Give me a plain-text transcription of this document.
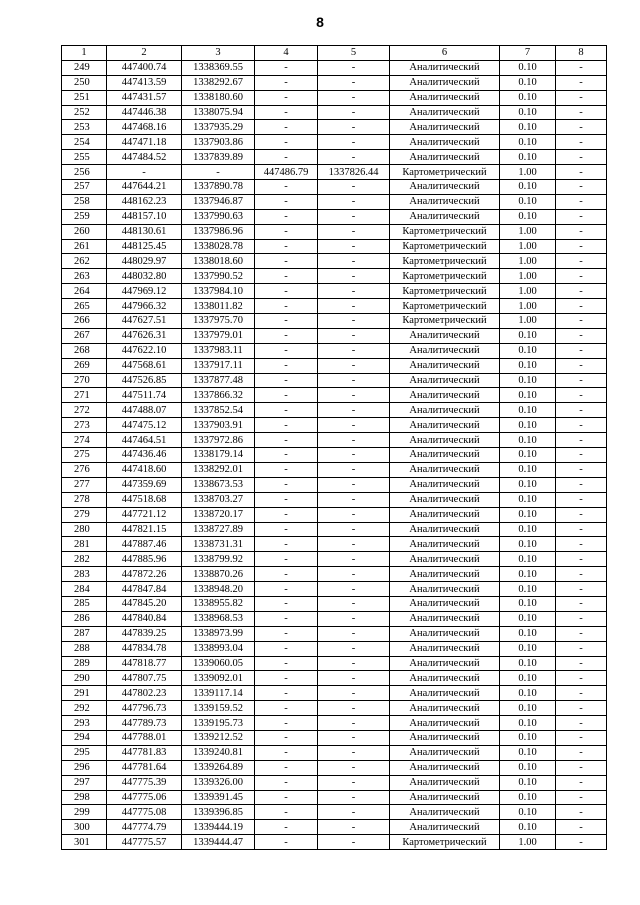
8
1	2	3	4	5	6	7	8
249	447400.74	1338369.55	-	-	Аналитический	0.10	-
250	447413.59	1338292.67	-	-	Аналитический	0.10	-
251	447431.57	1338180.60	-	-	Аналитический	0.10	-
252	447446.38	1338075.94	-	-	Аналитический	0.10	-
253	447468.16	1337935.29	-	-	Аналитический	0.10	-
254	447471.18	1337903.86	-	-	Аналитический	0.10	-
255	447484.52	1337839.89	-	-	Аналитический	0.10	-
256	-	-	447486.79	1337826.44	Картометрический	1.00	-
257	447644.21	1337890.78	-	-	Аналитический	0.10	-
258	448162.23	1337946.87	-	-	Аналитический	0.10	-
259	448157.10	1337990.63	-	-	Аналитический	0.10	-
260	448130.61	1337986.96	-	-	Картометрический	1.00	-
261	448125.45	1338028.78	-	-	Картометрический	1.00	-
262	448029.97	1338018.60	-	-	Картометрический	1.00	-
263	448032.80	1337990.52	-	-	Картометрический	1.00	-
264	447969.12	1337984.10	-	-	Картометрический	1.00	-
265	447966.32	1338011.82	-	-	Картометрический	1.00	-
266	447627.51	1337975.70	-	-	Картометрический	1.00	-
267	447626.31	1337979.01	-	-	Аналитический	0.10	-
268	447622.10	1337983.11	-	-	Аналитический	0.10	-
269	447568.61	1337917.11	-	-	Аналитический	0.10	-
270	447526.85	1337877.48	-	-	Аналитический	0.10	-
271	447511.74	1337866.32	-	-	Аналитический	0.10	-
272	447488.07	1337852.54	-	-	Аналитический	0.10	-
273	447475.12	1337903.91	-	-	Аналитический	0.10	-
274	447464.51	1337972.86	-	-	Аналитический	0.10	-
275	447436.46	1338179.14	-	-	Аналитический	0.10	-
276	447418.60	1338292.01	-	-	Аналитический	0.10	-
277	447359.69	1338673.53	-	-	Аналитический	0.10	-
278	447518.68	1338703.27	-	-	Аналитический	0.10	-
279	447721.12	1338720.17	-	-	Аналитический	0.10	-
280	447821.15	1338727.89	-	-	Аналитический	0.10	-
281	447887.46	1338731.31	-	-	Аналитический	0.10	-
282	447885.96	1338799.92	-	-	Аналитический	0.10	-
283	447872.26	1338870.26	-	-	Аналитический	0.10	-
284	447847.84	1338948.20	-	-	Аналитический	0.10	-
285	447845.20	1338955.82	-	-	Аналитический	0.10	-
286	447840.84	1338968.53	-	-	Аналитический	0.10	-
287	447839.25	1338973.99	-	-	Аналитический	0.10	-
288	447834.78	1338993.04	-	-	Аналитический	0.10	-
289	447818.77	1339060.05	-	-	Аналитический	0.10	-
290	447807.75	1339092.01	-	-	Аналитический	0.10	-
291	447802.23	1339117.14	-	-	Аналитический	0.10	-
292	447796.73	1339159.52	-	-	Аналитический	0.10	-
293	447789.73	1339195.73	-	-	Аналитический	0.10	-
294	447788.01	1339212.52	-	-	Аналитический	0.10	-
295	447781.83	1339240.81	-	-	Аналитический	0.10	-
296	447781.64	1339264.89	-	-	Аналитический	0.10	-
297	447775.39	1339326.00	-	-	Аналитический	0.10	-
298	447775.06	1339391.45	-	-	Аналитический	0.10	-
299	447775.08	1339396.85	-	-	Аналитический	0.10	-
300	447774.79	1339444.19	-	-	Аналитический	0.10	-
301	447775.57	1339444.47	-	-	Картометрический	1.00	-
